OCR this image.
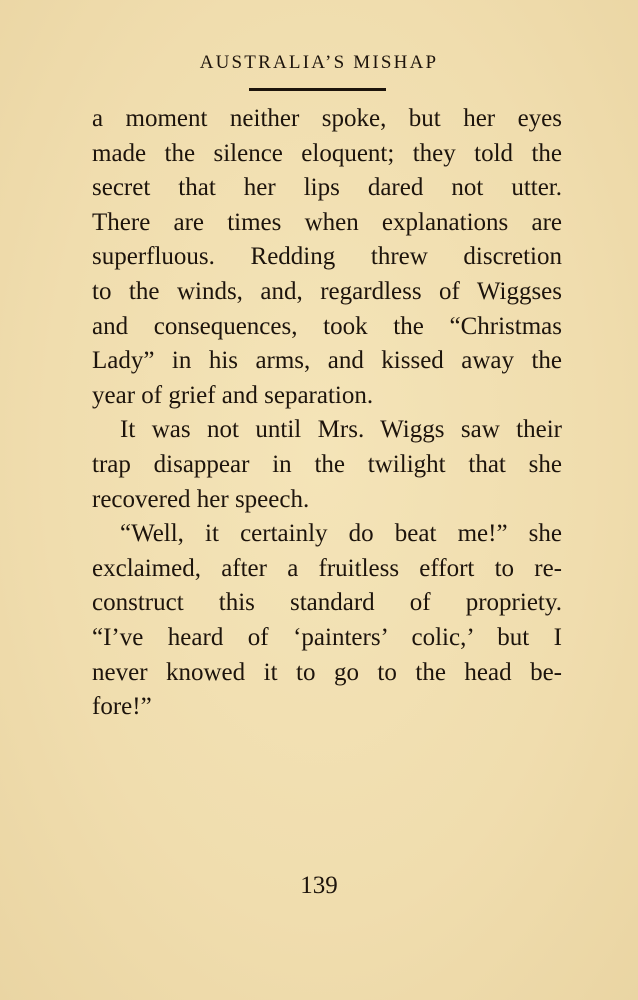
AUSTRALIA’S MISHAP
a moment neither spoke, but her eyes
made the silence eloquent; they told the
secret that her lips dared not utter.
There are times when explanations are
superfluous. Redding threw discretion
to the winds, and, regardless of Wiggses
and consequences, took the “Christmas
Lady” in his arms, and kissed away the
year of grief and separation.
It was not until Mrs. Wiggs saw their
trap disappear in the twilight that she
recovered her speech.
“Well, it certainly do beat me!” she
exclaimed, after a fruitless effort to re-
construct this standard of propriety.
“I’ve heard of ‘painters’ colic,’ but I
never knowed it to go to the head be-
fore!”
139
